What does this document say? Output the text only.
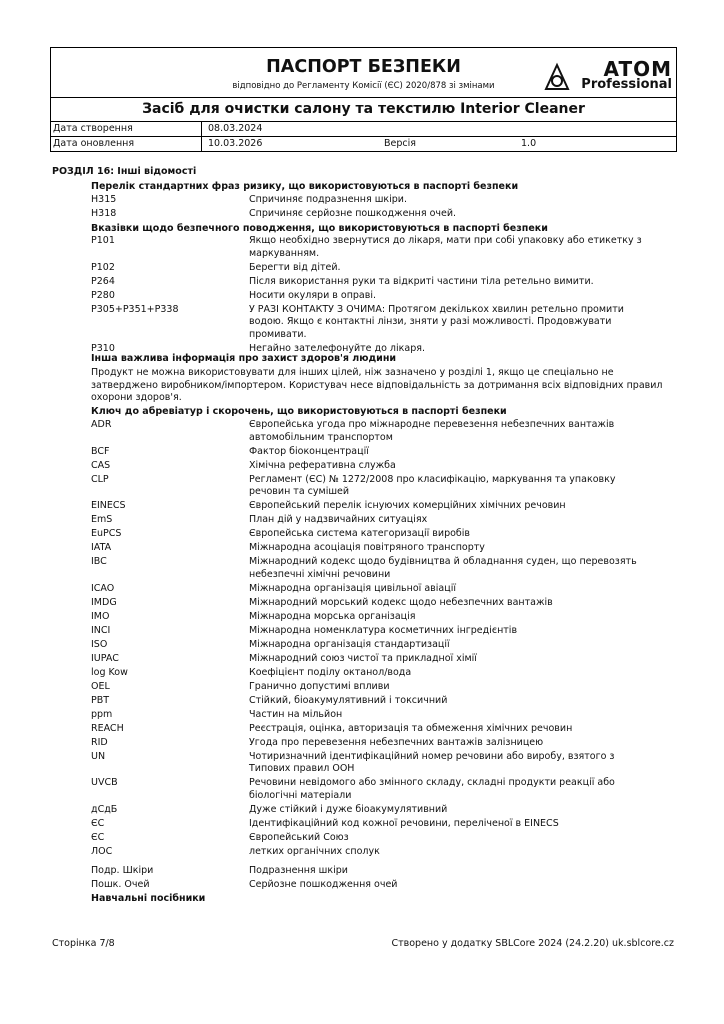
ПАСПОРТ БЕЗПЕКИ
відповідно до Регламенту Комісії (ЄС) 2020/878 зі змінами
ATOM
Professional
Засіб для очистки салону та текстилю Interior Cleaner
Дата створення	08.03.2024
Дата оновлення	10.03.2026	Версія	1.0
РОЗДІЛ 16: Інші відомості
Перелік стандартних фраз ризику, що використовуються в паспорті безпеки
H315	Спричиняє подразнення шкіри.
H318	Спричиняє серйозне пошкодження очей.
Вказівки щодо безпечного поводження, що використовуються в паспорті безпеки
P101	Якщо необхідно звернутися до лікаря, мати при собі упаковку або етикетку з
маркуванням.
P102	Берегти від дітей.
P264	Після використання руки та відкриті частини тіла ретельно вимити.
P280	Носити окуляри в оправі.
P305+P351+P338	У РАЗІ КОНТАКТУ З ОЧИМА: Протягом декількох хвилин ретельно промити
водою. Якщо є контактні лінзи, зняти у разі можливості. Продовжувати
промивати.
P310	Негайно зателефонуйте до лікаря.
Інша важлива інформація про захист здоров'я людини
Продукт не можна використовувати для інших цілей, ніж зазначено у розділі 1, якщо це спеціально не
затверджено виробником/імпортером. Користувач несе відповідальність за дотримання всіх відповідних правил
охорони здоров'я.
Ключ до абревіатур і скорочень, що використовуються в паспорті безпеки
ADR	Європейська угода про міжнародне перевезення небезпечних вантажів
автомобільним транспортом
BCF	Фактор біоконцентрації
CAS	Хімічна реферативна служба
CLP	Регламент (ЄС) № 1272/2008 про класифікацію, маркування та упаковку
речовин та сумішей
EINECS	Європейський перелік існуючих комерційних хімічних речовин
EmS	План дій у надзвичайних ситуаціях
EuPCS	Європейська система категоризації виробів
IATA	Міжнародна асоціація повітряного транспорту
IBC	Міжнародний кодекс щодо будівництва й обладнання суден, що перевозять
небезпечні хімічні речовини
ICAO	Міжнародна організація цивільної авіації
IMDG	Міжнародний морський кодекс щодо небезпечних вантажів
IMO	Міжнародна морська організація
INCI	Міжнародна номенклатура косметичних інгредієнтів
ISO	Міжнародна організація стандартизації
IUPAC	Міжнародний союз чистої та прикладної хімії
log Kow	Коефіцієнт поділу октанол/вода
OEL	Гранично допустимі впливи
PBT	Стійкий, біоакумулятивний і токсичний
ppm	Частин на мільйон
REACH	Реєстрація, оцінка, авторизація та обмеження хімічних речовин
RID	Угода про перевезення небезпечних вантажів залізницею
UN	Чотиризначний ідентифікаційний номер речовини або виробу, взятого з
Типових правил ООН
UVCB	Речовини невідомого або змінного складу, складні продукти реакції або
біологічні матеріали
дСдБ	Дуже стійкий і дуже біоакумулятивний
ЄС	Ідентифікаційний код кожної речовини, переліченої в EINECS
ЄС	Європейський Союз
ЛОС	летких органічних сполук
Подр. Шкіри	Подразнення шкіри
Пошк. Очей	Серйозне пошкодження очей
Навчальні посібники
Сторінка 7/8	Створено у додатку SBLCore 2024 (24.2.20) uk.sblcore.cz
